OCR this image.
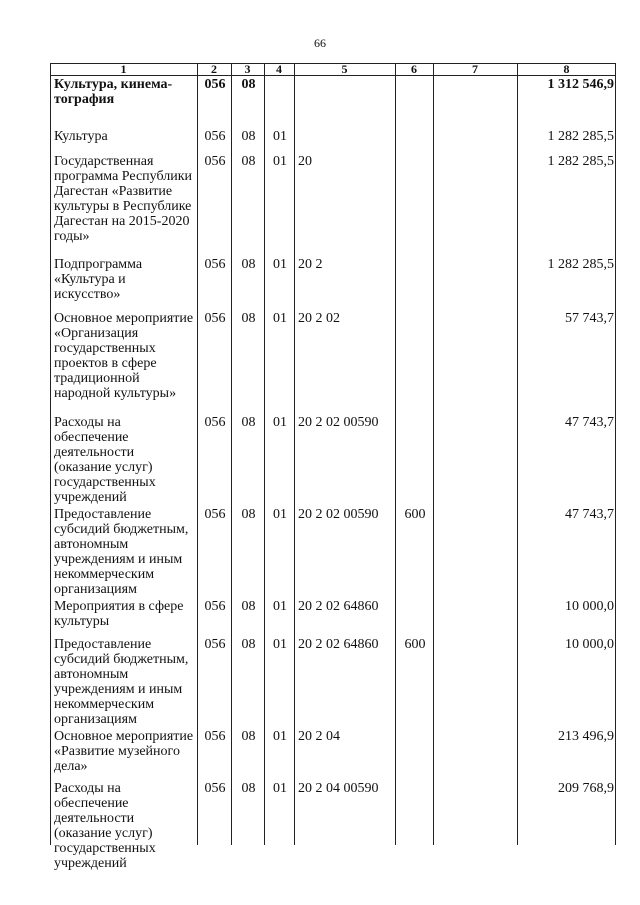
66
1	2	3	4	5	6	7	8
Культура, кинема-тография	056	08					1 312 546,9
Культура	056	08	01				1 282 285,5
Государственная программа Республики Дагестан «Развитие культуры в Республике Дагестан на 2015-2020 годы»	056	08	01	20			1 282 285,5
Подпрограмма «Культура и искусство»	056	08	01	20 2			1 282 285,5
Основное мероприятие «Организация государственных проектов в сфере традиционной народной культуры»	056	08	01	20 2 02			57 743,7
Расходы на обеспечение деятельности (оказание услуг) государственных учреждений	056	08	01	20 2 02 00590			47 743,7
Предоставление субсидий бюджетным, автономным учреждениям и иным некоммерческим организациям	056	08	01	20 2 02 00590	600		47 743,7
Мероприятия в сфере культуры	056	08	01	20 2 02 64860			10 000,0
Предоставление субсидий бюджетным, автономным учреждениям и иным некоммерческим организациям	056	08	01	20 2 02 64860	600		10 000,0
Основное мероприятие «Развитие музейного дела»	056	08	01	20 2 04			213 496,9
Расходы на обеспечение деятельности (оказание услуг) государственных учреждений	056	08	01	20 2 04 00590			209 768,9
